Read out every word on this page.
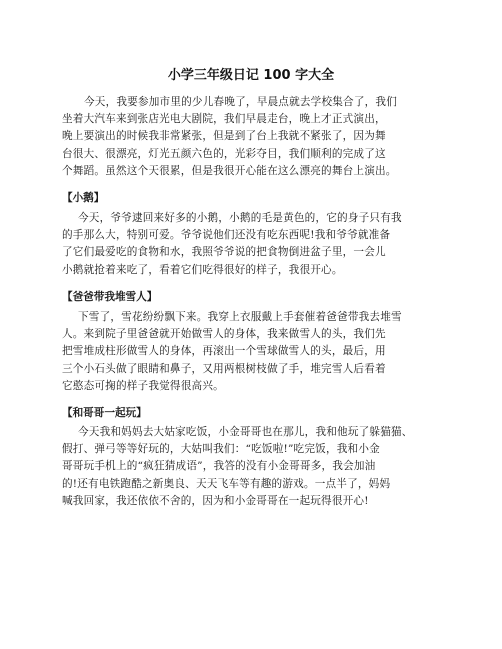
小学三年级日记 100 字大全
今天，我要参加市里的少儿春晚了，早晨点就去学校集合了，我们
坐着大汽车来到张店光电大剧院，我们早晨走台，晚上才正式演出，
晚上要演出的时候我非常紧张，但是到了台上我就不紧张了，因为舞
台很大、很漂亮，灯光五颜六色的，光彩夺目，我们顺利的完成了这
个舞蹈。虽然这个天很累，但是我很开心能在这么漂亮的舞台上演出。
【小鹅】
今天，爷爷逮回来好多的小鹅，小鹅的毛是黄色的，它的身子只有我
的手那么大，特别可爱。爷爷说他们还没有吃东西呢!我和爷爷就准备
了它们最爱吃的食物和水，我照爷爷说的把食物倒进盆子里，一会儿
小鹅就抢着来吃了，看着它们吃得很好的样子，我很开心。
【爸爸带我堆雪人】
下雪了，雪花纷纷飘下来。我穿上衣服戴上手套催着爸爸带我去堆雪
人。来到院子里爸爸就开始做雪人的身体，我来做雪人的头，我们先
把雪堆成柱形做雪人的身体，再滚出一个雪球做雪人的头，最后，用
三个小石头做了眼睛和鼻子，又用两根树枝做了手，堆完雪人后看着
它憨态可掬的样子我觉得很高兴。
【和哥哥一起玩】
今天我和妈妈去大姑家吃饭，小金哥哥也在那儿，我和他玩了躲猫猫、
假打、弹弓等等好玩的，大姑叫我们：“吃饭啦!”吃完饭，我和小金
哥哥玩手机上的“疯狂猜成语”，我答的没有小金哥哥多，我会加油
的!还有电铁跑酷之新奥良、天天飞车等有趣的游戏。一点半了，妈妈
喊我回家，我还依依不舍的，因为和小金哥哥在一起玩得很开心!
